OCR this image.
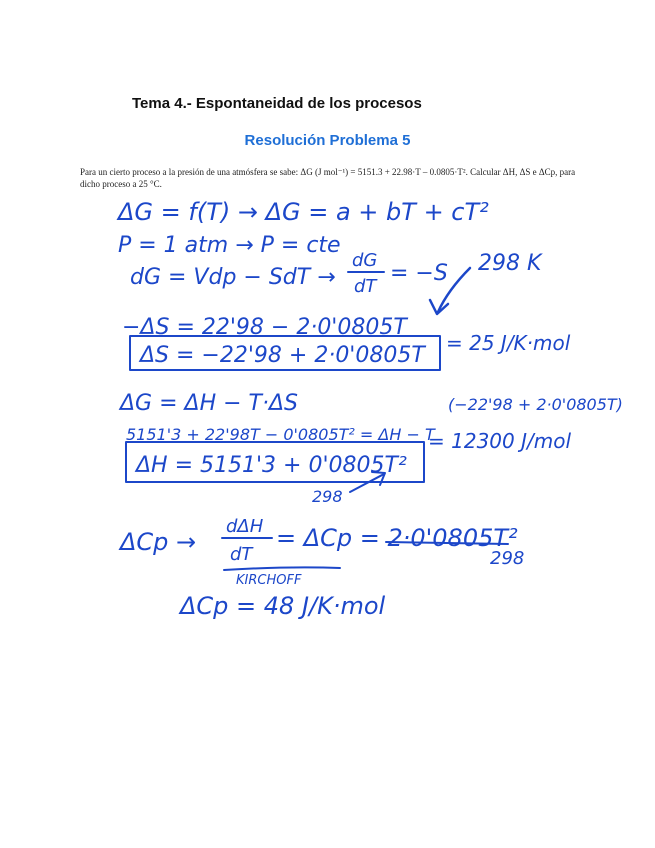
Tema 4.- Espontaneidad de los procesos
Resolución Problema 5
Para un cierto proceso a la presión de una atmósfera se sabe: ΔG (J mol⁻¹) = 5151.3 + 22.98·T – 0.0805·T². Calcular ΔH, ΔS e ΔCp, para dicho proceso a 25 °C.
ΔG = f(T) → ΔG = a + bT + cT²
P = 1 atm → P = cte
dG = Vdp − SdT →
dG
dT
= −S 298 K
−ΔS = 22'98 − 2·0'0805T
ΔS = −22'98 + 2·0'0805T = 25 J/K·mol
ΔG = ΔH − T·ΔS
5151'3 + 22'98T − 0'0805T² = ΔH − T
(−22'98 + 2·0'0805T)
ΔH = 5151'3 + 0'0805T²
= 12300 J/mol
298
ΔCp →
dΔH
dT
= ΔCp = 2·0'0805T²
298
KIRCHOFF
ΔCp = 48 J/K·mol
